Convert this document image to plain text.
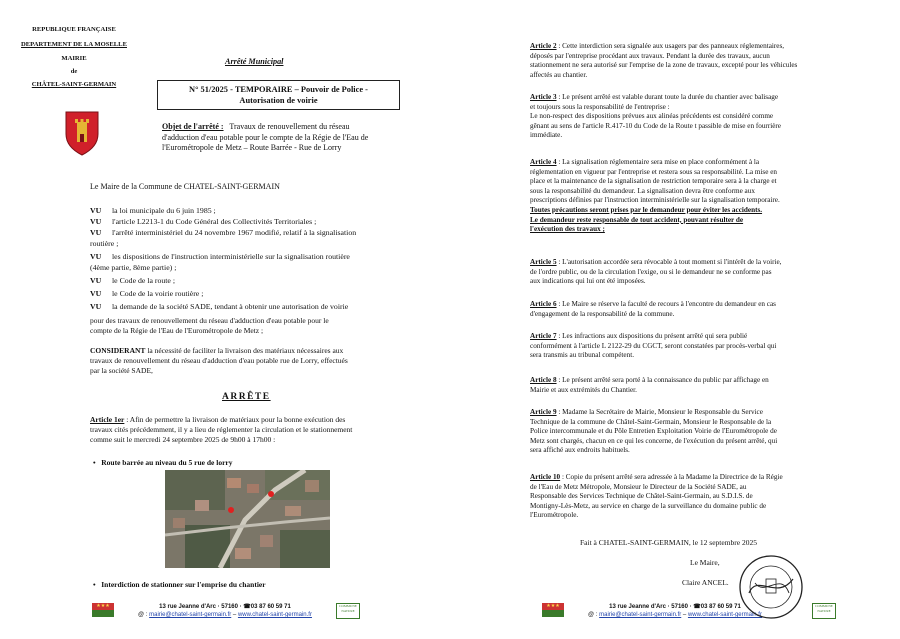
REPUBLIQUE FRANÇAISE
DEPARTEMENT DE LA MOSELLE
MAIRIE
de
CHÂTEL-SAINT-GERMAIN
Arrêté Municipal
N° 51/2025 - TEMPORAIRE – Pouvoir de Police -
Autorisation de voirie
Objet de l'arrêté : Travaux de renouvellement du réseau
d'adduction d'eau potable pour le compte de la Régie de l'Eau de
l'Eurométropole de Metz – Route Barrée - Rue de Lorry
Le Maire de la Commune de CHATEL-SAINT-GERMAIN
VU la loi municipale du 6 juin 1985 ;
VU l'article L2213-1 du Code Général des Collectivités Territoriales ;
VU l'arrêté interministériel du 24 novembre 1967 modifié, relatif à la signalisation
routière ;
VU les dispositions de l'instruction interministérielle sur la signalisation routière
(4ème partie, 8ème partie) ;
VU le Code de la route ;
VU le Code de la voirie routière ;
VU la demande de la société SADE, tendant à obtenir une autorisation de voirie
pour des travaux de renouvellement du réseau d'adduction d'eau potable pour le
compte de la Régie de l'Eau de l'Eurométropole de Metz ;
CONSIDERANT la nécessité de faciliter la livraison des matériaux nécessaires aux
travaux de renouvellement du réseau d'adduction d'eau potable rue de Lorry, effectués
par la société SADE,
ARRÊTE
Article 1er : Afin de permettre la livraison de matériaux pour la bonne exécution des
travaux cités précédemment, il y a lieu de réglementer la circulation et le stationnement
comme suit le mercredi 24 septembre 2025 de 9h00 à 17h00 :
•   Route barrée au niveau du 5 rue de lorry
•   Interdiction de stationner sur l'emprise du chantier
★★★	13 rue Jeanne d'Arc · 57160 · ☎03 87 60 59 71
@ : mairie@chatel-saint-germain.fr – www.chatel-saint-germain.fr
COMMUNE NATURE
Article 2 : Cette interdiction sera signalée aux usagers par des panneaux réglementaires,
déposés par l'entreprise procédant aux travaux. Pendant la durée des travaux, aucun
stationnement ne sera autorisé sur l'emprise de la zone de travaux, excepté pour les véhicules
affectés au chantier.
Article 3 : Le présent arrêté est valable durant toute la durée du chantier avec balisage
et toujours sous la responsabilité de l'entreprise :
Le non-respect des dispositions prévues aux alinéas précédents est considéré comme
gênant au sens de l'article R.417-10 du Code de la Route t passible de mise en fourrière
immédiate.
Article 4 : La signalisation réglementaire sera mise en place conformément à la
réglementation en vigueur par l'entreprise et restera sous sa responsabilité. La mise en
place et la maintenance de la signalisation de restriction temporaire sera à la charge et
sous la responsabilité du demandeur. La signalisation devra être conforme aux
prescriptions définies par l'instruction interministérielle sur la signalisation temporaire.
Toutes précautions seront prises par le demandeur pour éviter les accidents.
Le demandeur reste responsable de tout accident, pouvant résulter de
l'exécution des travaux ;
Article 5 : L'autorisation accordée sera révocable à tout moment si l'intérêt de la voirie,
de l'ordre public, ou de la circulation l'exige, ou si le demandeur ne se conforme pas
aux indications qui lui ont été imposées.
Article 6 : Le Maire se réserve la faculté de recours à l'encontre du demandeur en cas
d'engagement de la responsabilité de la commune.
Article 7 : Les infractions aux dispositions du présent arrêté qui sera publié
conformément à l'article L 2122-29 du CGCT, seront constatées par procès-verbal qui
sera transmis au tribunal compétent.
Article 8 : Le présent arrêté sera porté à la connaissance du public par affichage en
Mairie et aux extrémités du Chantier.
Article 9 : Madame la Secrétaire de Mairie, Monsieur le Responsable du Service
Technique de la commune de Châtel-Saint-Germain, Monsieur le Responsable de la
Police intercommunale et du Pôle Entretien Exploitation Voirie de l'Eurométropole de
Metz sont chargés, chacun en ce qui les concerne, de l'exécution du présent arrêté, qui
sera affiché aux endroits habituels.
Article 10 : Copie du présent arrêté sera adressée à la Madame la Directrice de la Régie
de l'Eau de Metz Métropole, Monsieur le Directeur de la Société SADE, au
Responsable des Services Technique de Châtel-Saint-Germain, au S.D.I.S. de
Montigny-Lès-Metz, au service en charge de la surveillance du domaine public de
l'Eurométropole.
Fait à CHATEL-SAINT-GERMAIN, le 12 septembre 2025
Le Maire,
Claire ANCEL.
★★★	13 rue Jeanne d'Arc · 57160 · ☎03 87 60 59 71
@ : mairie@chatel-saint-germain.fr – www.chatel-saint-germain.fr
COMMUNE NATURE
